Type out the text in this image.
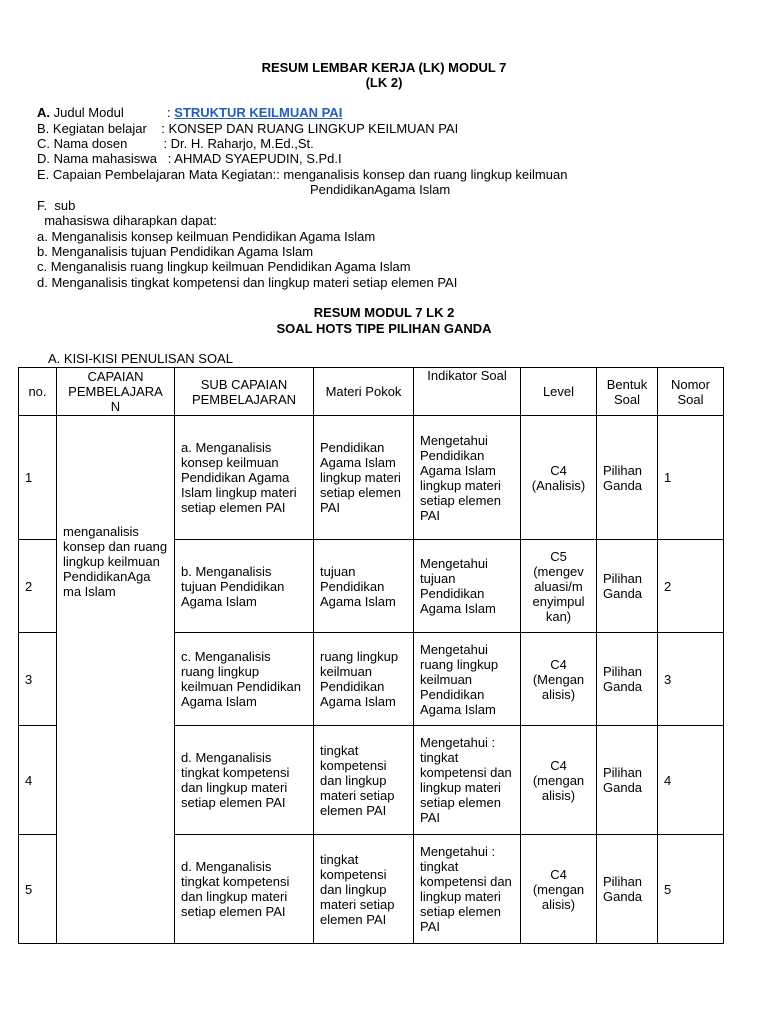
RESUM LEMBAR KERJA (LK) MODUL 7
(LK 2)
A. Judul Modul            : STRUKTUR KEILMUAN PAI
B. Kegiatan belajar    : KONSEP DAN RUANG LINGKUP KEILMUAN PAI
C. Nama dosen          : Dr. H. Raharjo, M.Ed.,St.
D. Nama mahasiswa   : AHMAD SYAEPUDIN, S.Pd.I
E. Capaian Pembelajaran Mata Kegiatan:: menganalisis konsep dan ruang lingkup keilmuan
PendidikanAgama Islam
F.  sub
mahasiswa diharapkan dapat:
a. Menganalisis konsep keilmuan Pendidikan Agama Islam
b. Menganalisis tujuan Pendidikan Agama Islam
c. Menganalisis ruang lingkup keilmuan Pendidikan Agama Islam
d. Menganalisis tingkat kompetensi dan lingkup materi setiap elemen PAI
RESUM MODUL 7 LK 2
SOAL HOTS TIPE PILIHAN GANDA
A. KISI-KISI PENULISAN SOAL
no.	CAPAIAN PEMBELAJARA N	SUB CAPAIAN PEMBELAJARAN	Materi Pokok	Indikator Soal	Level	Bentuk Soal	Nomor Soal
1	menganalisis konsep dan ruang lingkup keilmuan PendidikanAga ma Islam	a. Menganalisis konsep keilmuan Pendidikan Agama Islam lingkup materi setiap elemen PAI	Pendidikan Agama Islam lingkup materi setiap elemen PAI	Mengetahui Pendidikan Agama Islam lingkup materi setiap elemen PAI	C4 (Analisis)	Pilihan Ganda	1
2		b. Menganalisis tujuan Pendidikan Agama Islam	tujuan Pendidikan Agama Islam	Mengetahui tujuan Pendidikan Agama Islam	C5 (mengev aluasi/m enyimpul kan)	Pilihan Ganda	2
3		c. Menganalisis ruang lingkup keilmuan Pendidikan Agama Islam	ruang lingkup keilmuan Pendidikan Agama Islam	Mengetahui ruang lingkup keilmuan Pendidikan Agama Islam	C4 (Mengan alisis)	Pilihan Ganda	3
4		d. Menganalisis tingkat kompetensi dan lingkup materi setiap elemen PAI	tingkat kompetensi dan lingkup materi setiap elemen PAI	Mengetahui : tingkat kompetensi dan lingkup materi setiap elemen PAI	C4 (mengan alisis)	Pilihan Ganda	4
5		d. Menganalisis tingkat kompetensi dan lingkup materi setiap elemen PAI	tingkat kompetensi dan lingkup materi setiap elemen PAI	Mengetahui : tingkat kompetensi dan lingkup materi setiap elemen PAI	C4 (mengan alisis)	Pilihan Ganda	5
